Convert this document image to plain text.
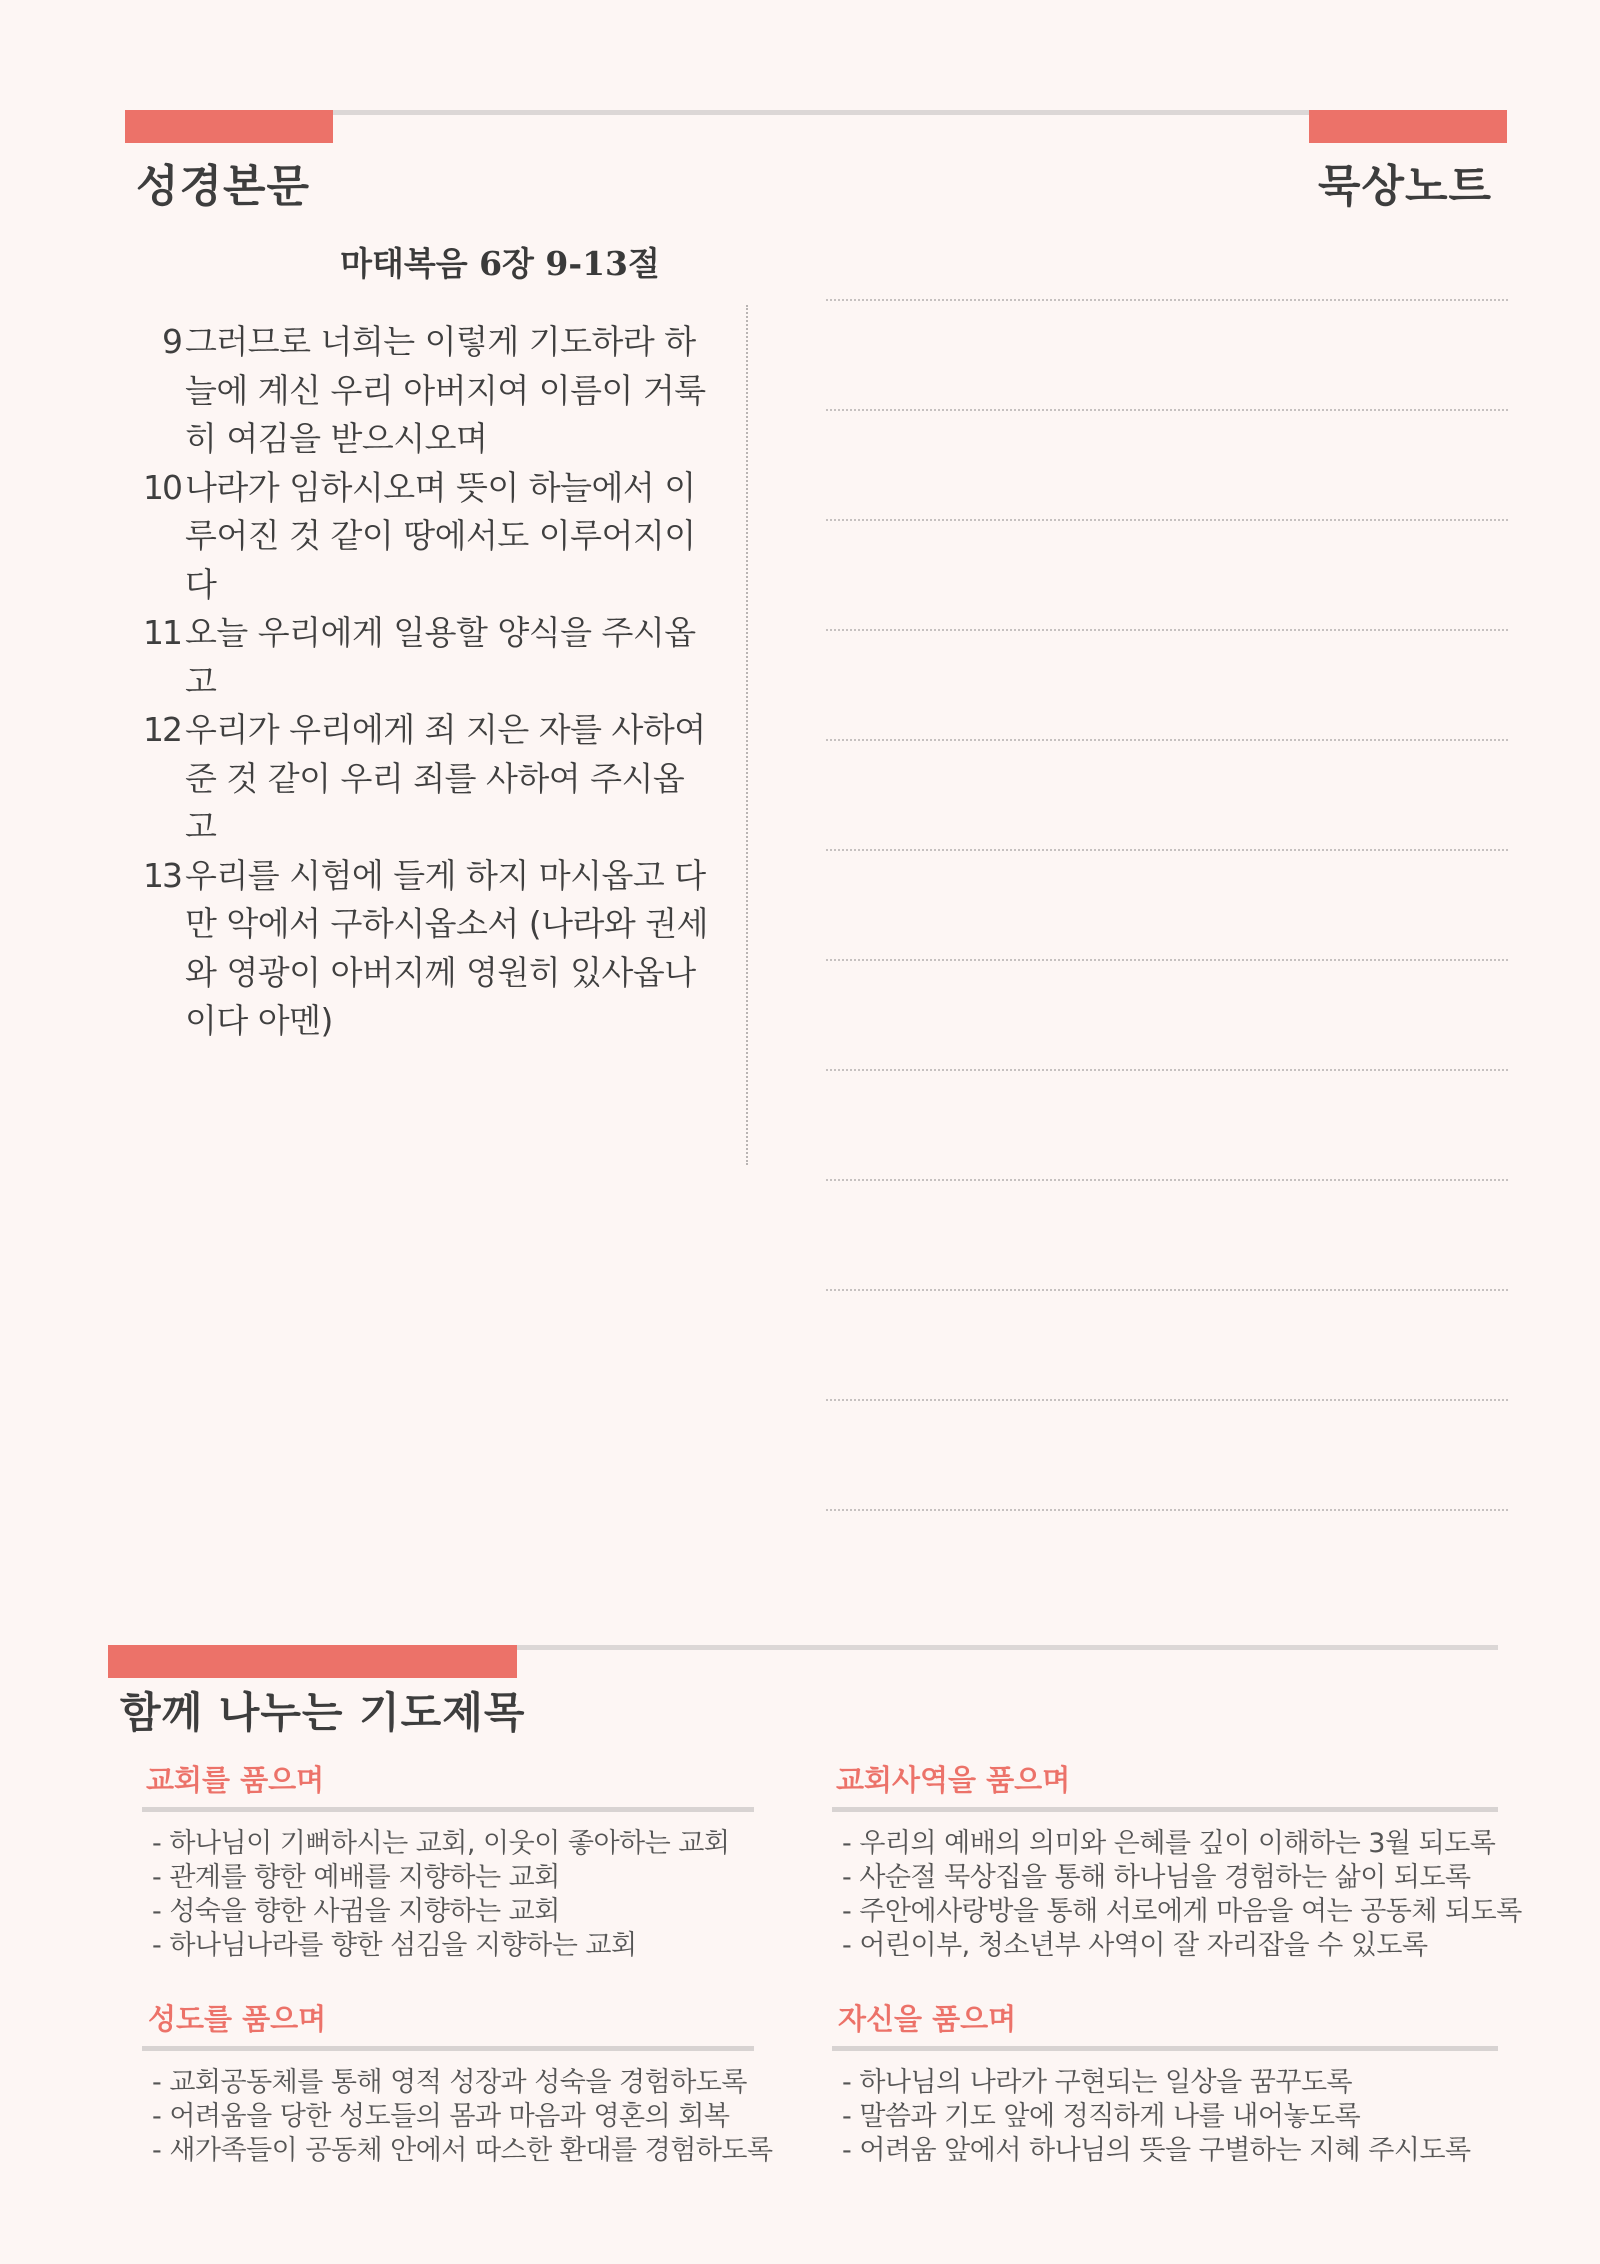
성경본문	묵상노트
마태복음 6장 9-13절
9 그러므로 너희는 이렇게 기도하라 하늘에 계신 우리 아버지여 이름이 거룩히 여김을 받으시오며
10 나라가 임하시오며 뜻이 하늘에서 이루어진 것 같이 땅에서도 이루어지이다
11 오늘 우리에게 일용할 양식을 주시옵고
12 우리가 우리에게 죄 지은 자를 사하여 준 것 같이 우리 죄를 사하여 주시옵고
13 우리를 시험에 들게 하지 마시옵고 다만 악에서 구하시옵소서 (나라와 권세와 영광이 아버지께 영원히 있사옵나이다 아멘)
함께 나누는 기도제목
교회를 품으며
- 하나님이 기뻐하시는 교회, 이웃이 좋아하는 교회
- 관계를 향한 예배를 지향하는 교회
- 성숙을 향한 사귐을 지향하는 교회
- 하나님나라를 향한 섬김을 지향하는 교회
교회사역을 품으며
- 우리의 예배의 의미와 은혜를 깊이 이해하는 3월 되도록
- 사순절 묵상집을 통해 하나님을 경험하는 삶이 되도록
- 주안에사랑방을 통해 서로에게 마음을 여는 공동체 되도록
- 어린이부, 청소년부 사역이 잘 자리잡을 수 있도록
성도를 품으며
- 교회공동체를 통해 영적 성장과 성숙을 경험하도록
- 어려움을 당한 성도들의 몸과 마음과 영혼의 회복
- 새가족들이 공동체 안에서 따스한 환대를 경험하도록
자신을 품으며
- 하나님의 나라가 구현되는 일상을 꿈꾸도록
- 말씀과 기도 앞에 정직하게 나를 내어놓도록
- 어려움 앞에서 하나님의 뜻을 구별하는 지혜 주시도록
